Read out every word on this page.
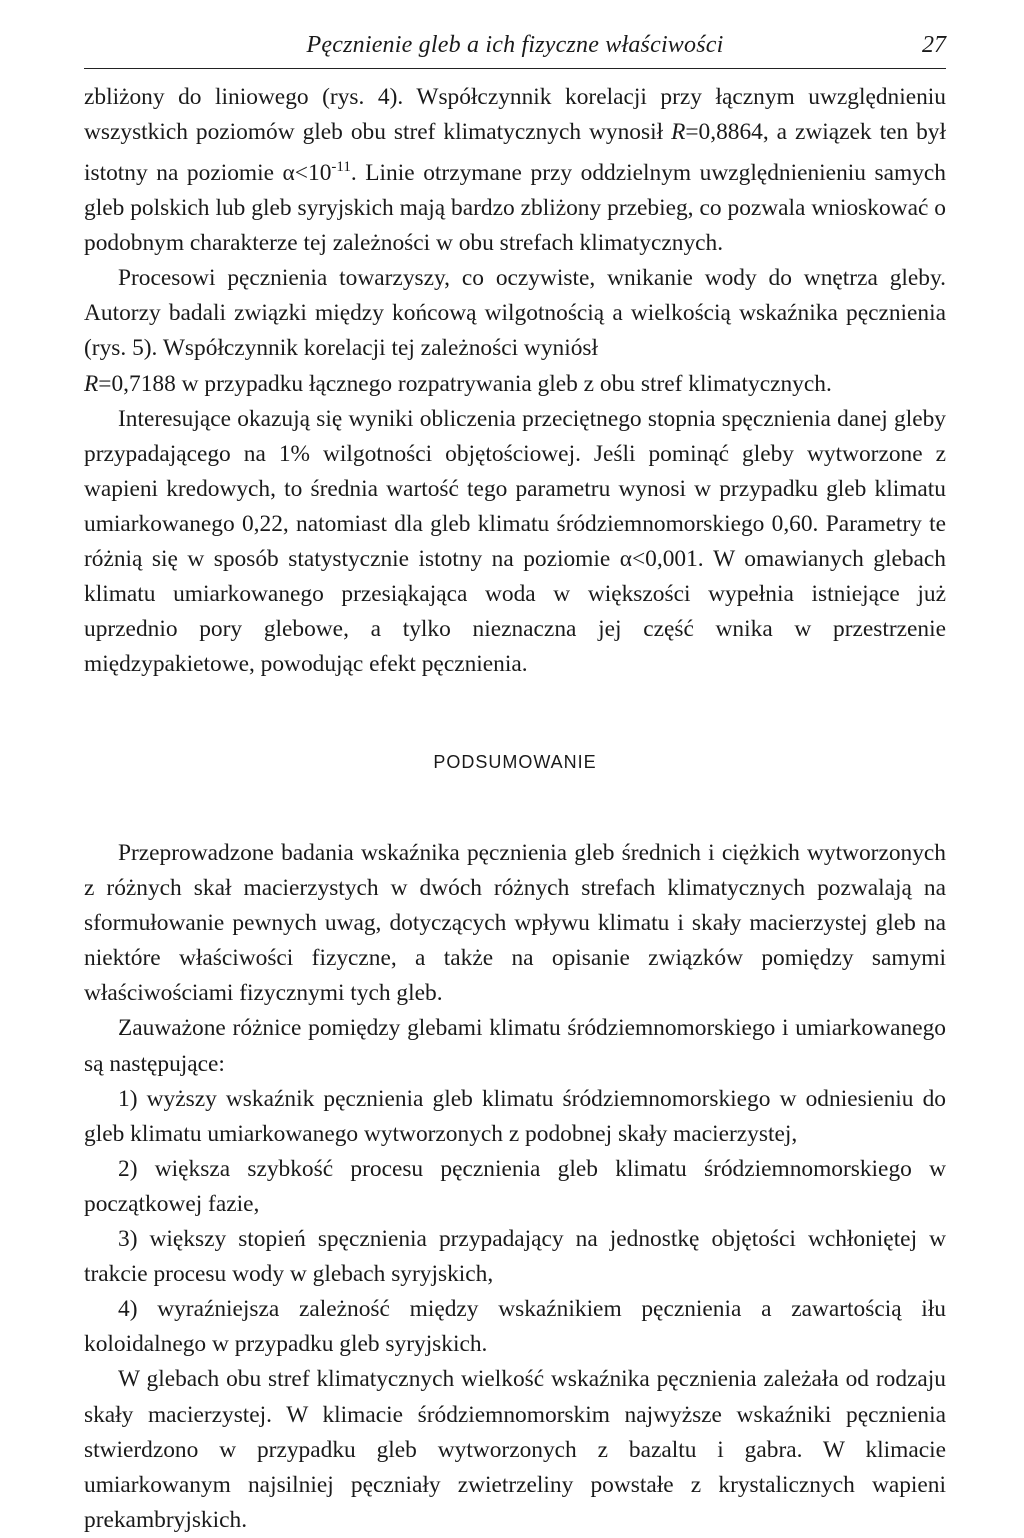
Pęcznienie gleb a ich fizyczne właściwości	27

zbliżony do liniowego (rys. 4). Współczynnik korelacji przy łącznym uwzględnieniu wszystkich poziomów gleb obu stref klimatycznych wynosił R=0,8864, a związek ten był istotny na poziomie $\alpha<10^{-11}$. Linie otrzymane przy oddzielnym uwzględnienieniu samych gleb polskich lub gleb syryjskich mają bardzo zbliżony przebieg, co pozwala wnioskować o podobnym charakterze tej zależności w obu strefach klimatycznych.

Procesowi pęcznienia towarzyszy, co oczywiste, wnikanie wody do wnętrza gleby. Autorzy badali związki między końcową wilgotnością a wielkością wskaźnika pęcznienia (rys. 5). Współczynnik korelacji tej zależności wyniósł
R=0,7188 w przypadku łącznego rozpatrywania gleb z obu stref klimatycznych.

Interesujące okazują się wyniki obliczenia przeciętnego stopnia spęcznienia danej gleby przypadającego na 1% wilgotności objętościowej. Jeśli pominąć gleby wytworzone z wapieni kredowych, to średnia wartość tego parametru wynosi w przypadku gleb klimatu umiarkowanego 0,22, natomiast dla gleb klimatu śródziemnomorskiego 0,60. Parametry te różnią się w sposób statystycznie istotny na poziomie α<0,001. W omawianych glebach klimatu umiarkowanego przesiąkająca woda w większości wypełnia istniejące już uprzednio pory glebowe, a tylko nieznaczna jej część wnika w przestrzenie międzypakietowe, powodując efekt pęcznienia.

PODSUMOWANIE

Przeprowadzone badania wskaźnika pęcznienia gleb średnich i ciężkich wytworzonych z różnych skał macierzystych w dwóch różnych strefach klimatycznych pozwalają na sformułowanie pewnych uwag, dotyczących wpływu klimatu i skały macierzystej gleb na niektóre właściwości fizyczne, a także na opisanie związków pomiędzy samymi właściwościami fizycznymi tych gleb.

Zauważone różnice pomiędzy glebami klimatu śródziemnomorskiego i umiarkowanego są następujące:

1) wyższy wskaźnik pęcznienia gleb klimatu śródziemnomorskiego w odniesieniu do gleb klimatu umiarkowanego wytworzonych z podobnej skały macierzystej,

2) większa szybkość procesu pęcznienia gleb klimatu śródziemnomorskiego w początkowej fazie,

3) większy stopień spęcznienia przypadający na jednostkę objętości wchłoniętej w trakcie procesu wody w glebach syryjskich,

4) wyraźniejsza zależność między wskaźnikiem pęcznienia a zawartością iłu koloidalnego w przypadku gleb syryjskich.

W glebach obu stref klimatycznych wielkość wskaźnika pęcznienia zależała od rodzaju skały macierzystej. W klimacie śródziemnomorskim najwyższe wskaźniki pęcznienia stwierdzono w przypadku gleb wytworzonych z bazaltu i gabra. W klimacie umiarkowanym najsilniej pęczniały zwietrzeliny powstałe z krystalicznych wapieni prekambryjskich.
